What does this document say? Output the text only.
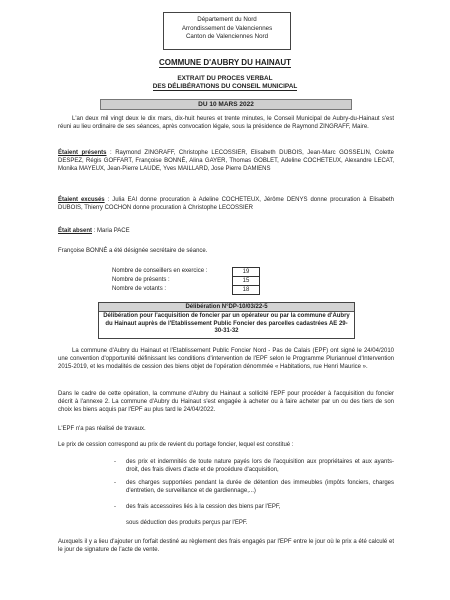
Département du Nord
Arrondissement de Valenciennes
Canton de Valenciennes Nord
COMMUNE D'AUBRY DU HAINAUT
EXTRAIT DU PROCES VERBAL
DES DÉLIBÉRATIONS DU CONSEIL MUNICIPAL
DU 10 MARS 2022
L'an deux mil vingt deux le dix mars, dix-huit heures et trente minutes, le Conseil Municipal de Aubry-du-Hainaut s'est réuni au lieu ordinaire de ses séances, après convocation légale, sous la présidence de Raymond ZINGRAFF, Maire.
Étaient présents : Raymond ZINGRAFF, Christophe LECOSSIER, Elisabeth DUBOIS, Jean-Marc GOSSELIN, Colette DESPEZ, Régis GOFFART, Françoise BONNÉ, Alina GAYER, Thomas GOBLET, Adeline COCHETEUX, Alexandre LECAT, Monika MAYEUX, Jean-Pierre LAUDE, Yves MAILLARD, Jose Pierre DAMIENS
Étaient excusés : Julia EAI donne procuration à Adeline COCHETEUX, Jérôme DENYS donne procuration à Elisabeth DUBOIS, Thierry COCHON donne procuration à Christophe LECOSSIER
Était absent : Maria PACE
Françoise BONNÉ a été désignée secrétaire de séance.
Nombre de conseillers en exercice :	19
Nombre de présents :	15
Nombre de votants :	18
Délibération N°DP-10/03/22-5
Délibération pour l'acquisition de foncier par un opérateur ou par la commune d'Aubry du Hainaut auprès de l'Etablissement Public Foncier des parcelles cadastrées AE 29-30-31-32
La commune d'Aubry du Hainaut et l'Etablissement Public Foncier Nord - Pas de Calais (EPF) ont signé le 24/04/2010 une convention d'opportunité définissant les conditions d'intervention de l'EPF selon le Programme Pluriannuel d'Intervention 2015-2019, et les modalités de cession des biens objet de l'opération dénommée « Habitations, rue Henri Maurice ».
Dans le cadre de cette opération, la commune d'Aubry du Hainaut a sollicité l'EPF pour procéder à l'acquisition du foncier décrit à l'annexe 2. La commune d'Aubry du Hainaut s'est engagée à acheter ou à faire acheter par un ou des tiers de son choix les biens acquis par l'EPF au plus tard le 24/04/2022.
L'EPF n'a pas réalisé de travaux.
Le prix de cession correspond au prix de revient du portage foncier, lequel est constitué :
- des prix et indemnités de toute nature payés lors de l'acquisition aux propriétaires et aux ayants-droit, des frais divers d'acte et de procédure d'acquisition,
- des charges supportées pendant la durée de détention des immeubles (impôts fonciers, charges d'entretien, de surveillance et de gardiennage,...)
- des frais accessoires liés à la cession des biens par l'EPF,
sous déduction des produits perçus par l'EPF.
Auxquels il y a lieu d'ajouter un forfait destiné au règlement des frais engagés par l'EPF entre le jour où le prix a été calculé et le jour de signature de l'acte de vente.
